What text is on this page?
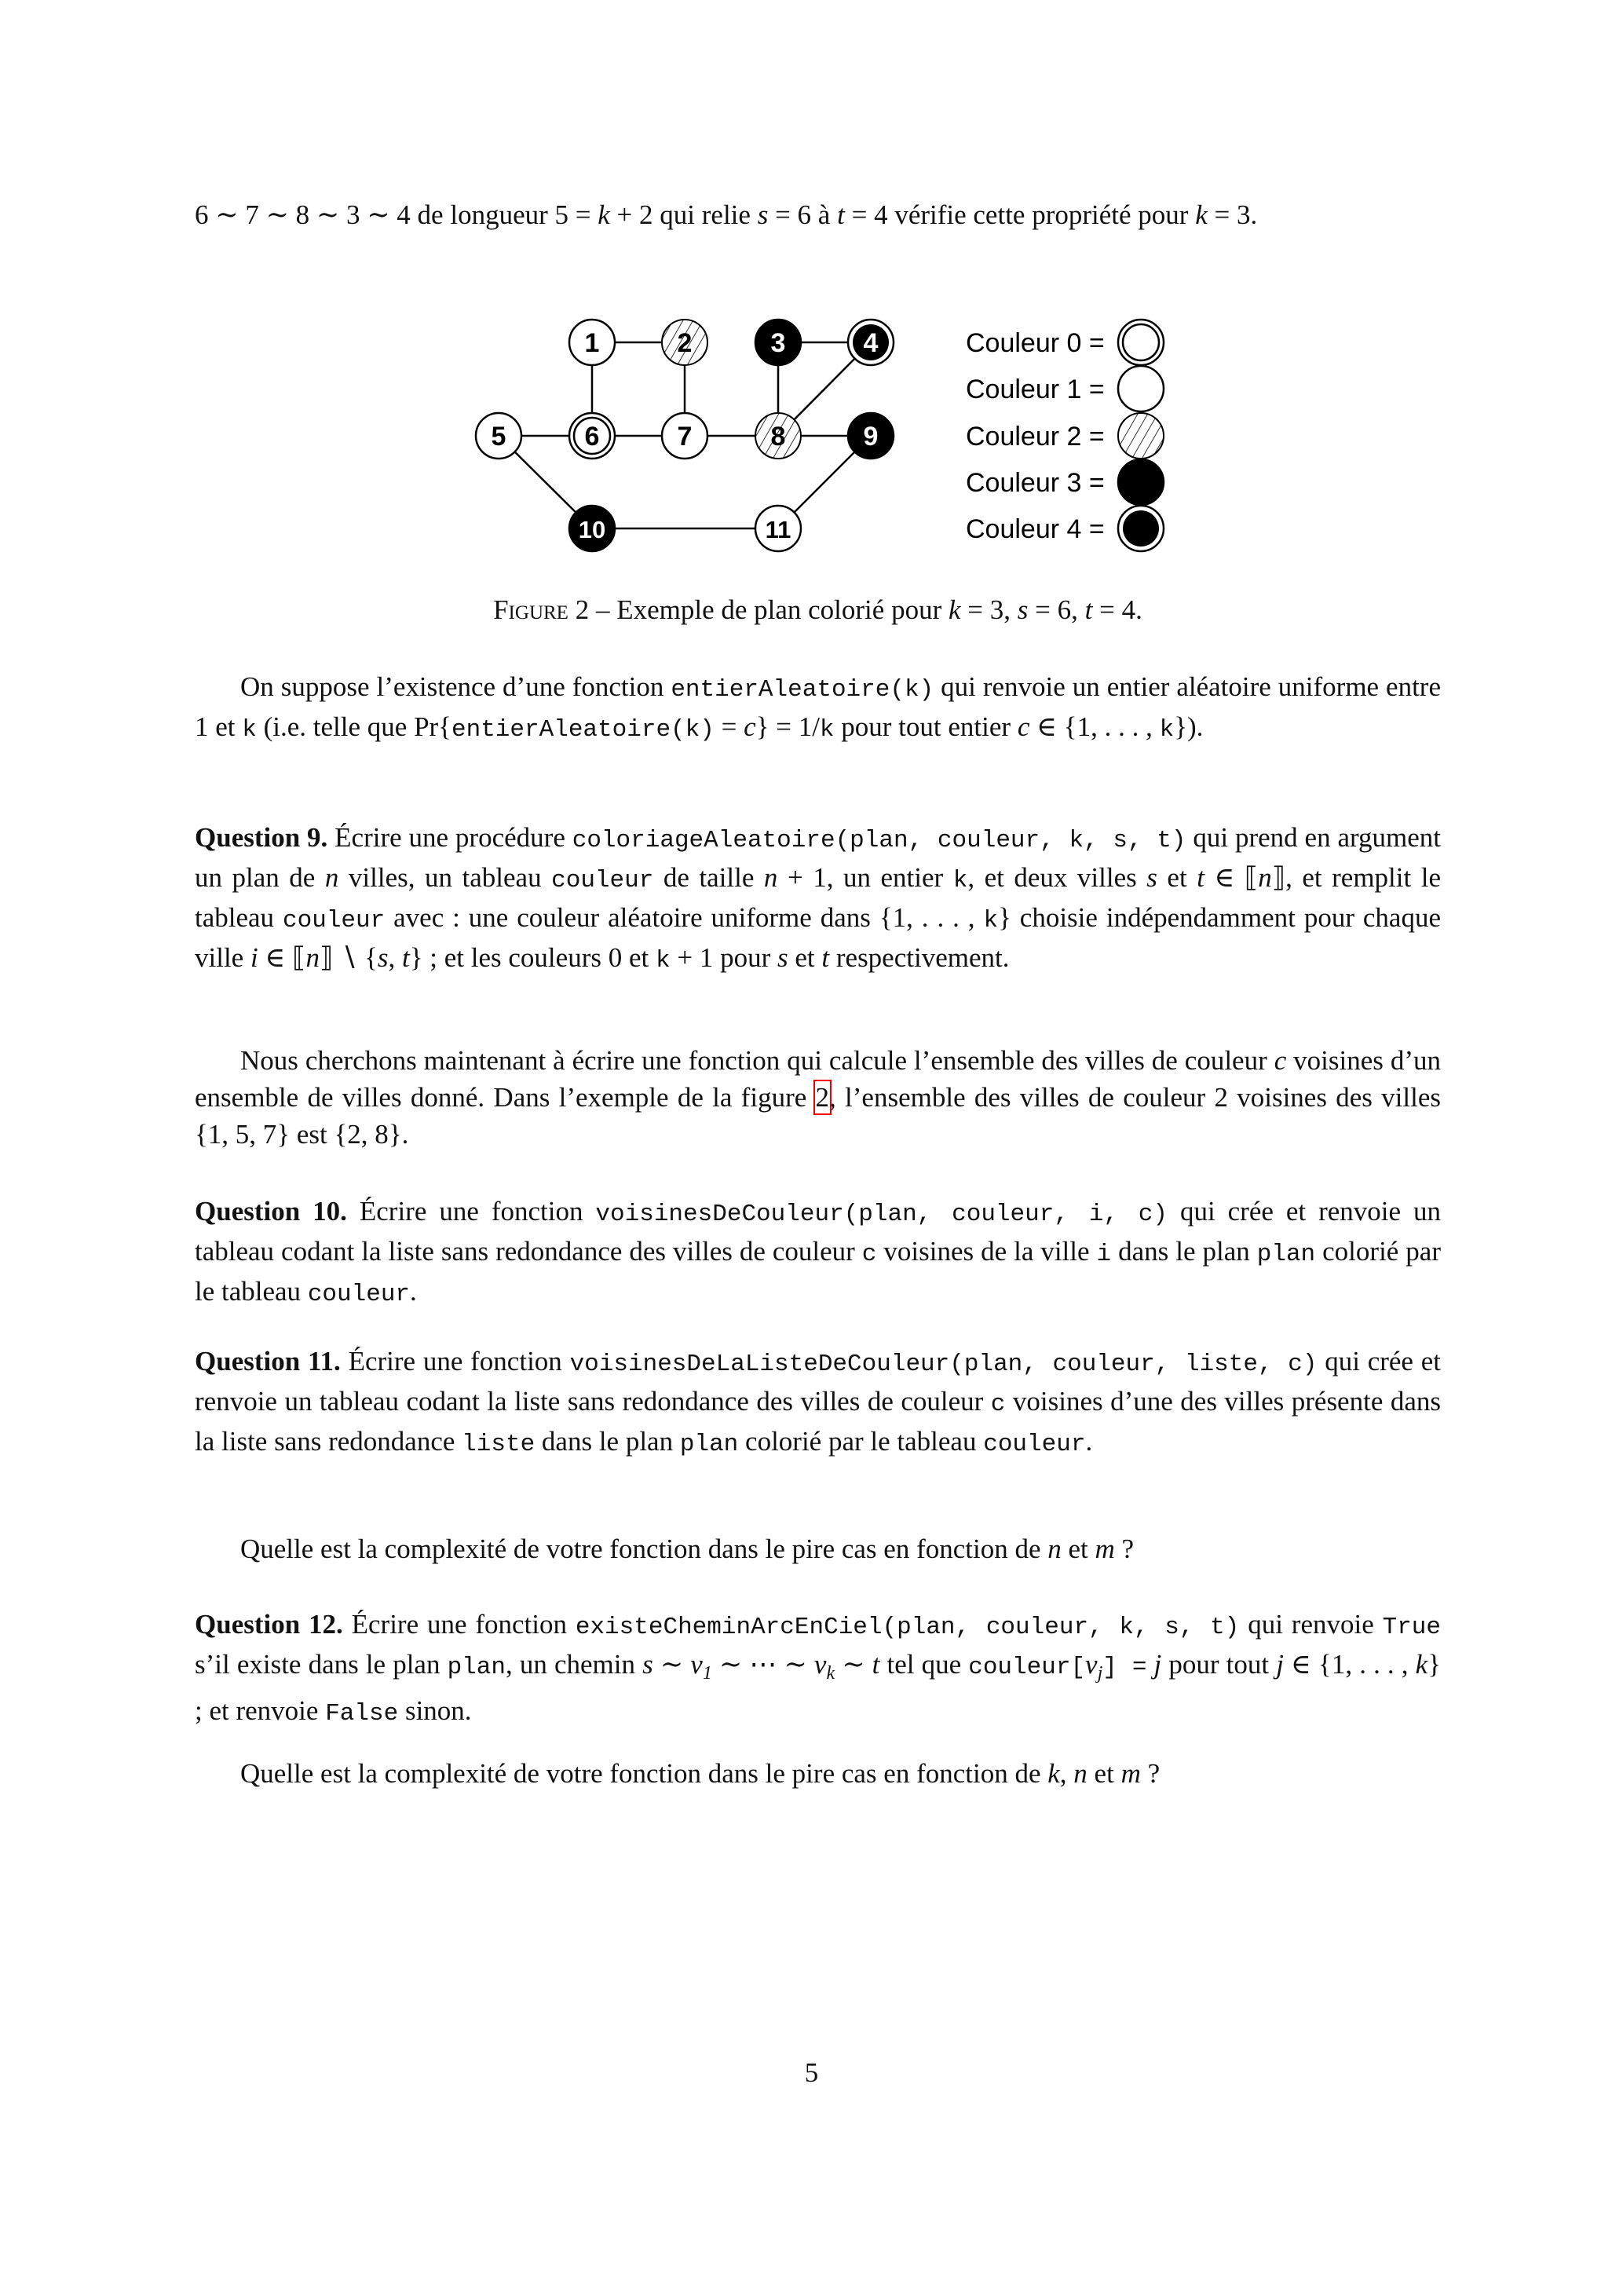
6 ∼ 7 ∼ 8 ∼ 3 ∼ 4 de longueur 5 = k + 2 qui relie s = 6 à t = 4 vérifie cette propriété pour k = 3.
1	2	3	4
5	6	7	8	9
10	11
Couleur 0 =
Couleur 1 =
Couleur 2 =
Couleur 3 =
Couleur 4 =
Figure 2 – Exemple de plan colorié pour k = 3, s = 6, t = 4.
On suppose l’existence d’une fonction entierAleatoire(k) qui renvoie un entier aléatoire uniforme entre 1 et k (i.e. telle que Pr{entierAleatoire(k) = c} = 1/k pour tout entier c ∈ {1, . . . , k}).
Question 9. Écrire une procédure coloriageAleatoire(plan, couleur, k, s, t) qui prend en argument un plan de n villes, un tableau couleur de taille n + 1, un entier k, et deux villes s et t ∈ ⟦n⟧, et remplit le tableau couleur avec : une couleur aléatoire uniforme dans {1, . . . , k} choisie indépendamment pour chaque ville i ∈ ⟦n⟧ ∖ {s, t} ; et les couleurs 0 et k + 1 pour s et t respectivement.
Nous cherchons maintenant à écrire une fonction qui calcule l’ensemble des villes de couleur c voisines d’un ensemble de villes donné. Dans l’exemple de la figure 2, l’ensemble des villes de couleur 2 voisines des villes {1, 5, 7} est {2, 8}.
Question 10. Écrire une fonction voisinesDeCouleur(plan, couleur, i, c) qui crée et renvoie un tableau codant la liste sans redondance des villes de couleur c voisines de la ville i dans le plan plan colorié par le tableau couleur.
Question 11. Écrire une fonction voisinesDeLaListeDeCouleur(plan, couleur, liste, c) qui crée et renvoie un tableau codant la liste sans redondance des villes de couleur c voisines d’une des villes présente dans la liste sans redondance liste dans le plan plan colorié par le tableau couleur.
Quelle est la complexité de votre fonction dans le pire cas en fonction de n et m ?
Question 12. Écrire une fonction existeCheminArcEnCiel(plan, couleur, k, s, t) qui renvoie True s’il existe dans le plan plan, un chemin s ∼ $v_1$ ∼ ⋯ ∼ $v_k$ ∼ t tel que $couleur[v_j] = j$ pour tout j ∈ {1, . . . , k} ; et renvoie False sinon.
Quelle est la complexité de votre fonction dans le pire cas en fonction de k, n et m ?
5
